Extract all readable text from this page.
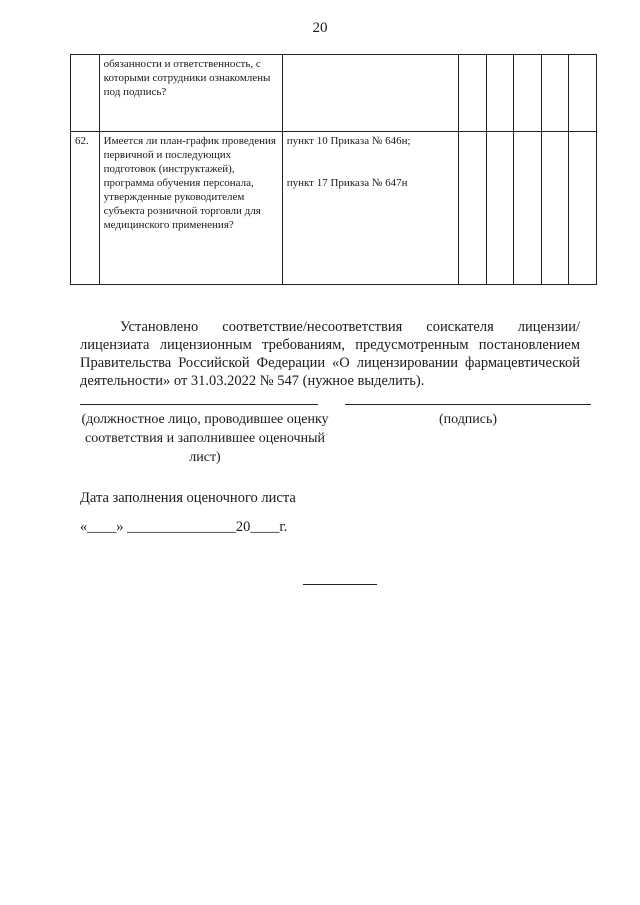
20
	обязанности и ответственность, с которыми сотрудники ознакомлены под подпись?						
62.	Имеется ли план-график проведения первичной и последующих подготовок (инструктажей), программа обучения персонала, утвержденные руководителем субъекта розничной торговли для медицинского применения?	пункт 10 Приказа № 646н;
пункт 17 Приказа № 647н					

Установлено соответствие/несоответствия соискателя лицензии/лицензиата лицензионным требованиям, предусмотренным постановлением Правительства Российской Федерации «О лицензировании фармацевтической деятельности» от 31.03.2022 № 547 (нужное выделить).

(должностное лицо, проводившее оценку соответствия и заполнившее оценочный лист)
(подпись)
Дата заполнения оценочного листа
«____» _______________20____г.
